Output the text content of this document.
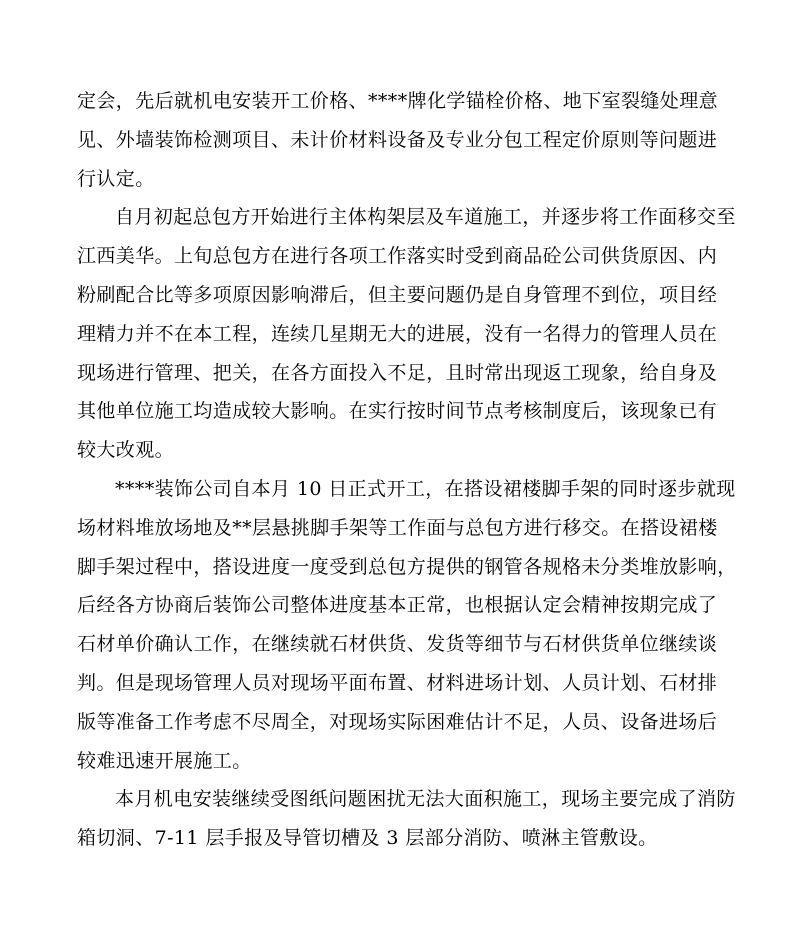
定会，先后就机电安装开工价格、****牌化学锚栓价格、地下室裂缝处理意
见、外墙装饰检测项目、未计价材料设备及专业分包工程定价原则等问题进
行认定。
自月初起总包方开始进行主体构架层及车道施工，并逐步将工作面移交至
江西美华。上旬总包方在进行各项工作落实时受到商品砼公司供货原因、内
粉刷配合比等多项原因影响滞后，但主要问题仍是自身管理不到位，项目经
理精力并不在本工程，连续几星期无大的进展，没有一名得力的管理人员在
现场进行管理、把关，在各方面投入不足，且时常出现返工现象，给自身及
其他单位施工均造成较大影响。在实行按时间节点考核制度后，该现象已有
较大改观。
****装饰公司自本月 10 日正式开工，在搭设裙楼脚手架的同时逐步就现
场材料堆放场地及**层悬挑脚手架等工作面与总包方进行移交。在搭设裙楼
脚手架过程中，搭设进度一度受到总包方提供的钢管各规格未分类堆放影响，
后经各方协商后装饰公司整体进度基本正常，也根据认定会精神按期完成了
石材单价确认工作，在继续就石材供货、发货等细节与石材供货单位继续谈
判。但是现场管理人员对现场平面布置、材料进场计划、人员计划、石材排
版等准备工作考虑不尽周全，对现场实际困难估计不足，人员、设备进场后
较难迅速开展施工。
本月机电安装继续受图纸问题困扰无法大面积施工，现场主要完成了消防
箱切洞、7-11 层手报及导管切槽及 3 层部分消防、喷淋主管敷设。
